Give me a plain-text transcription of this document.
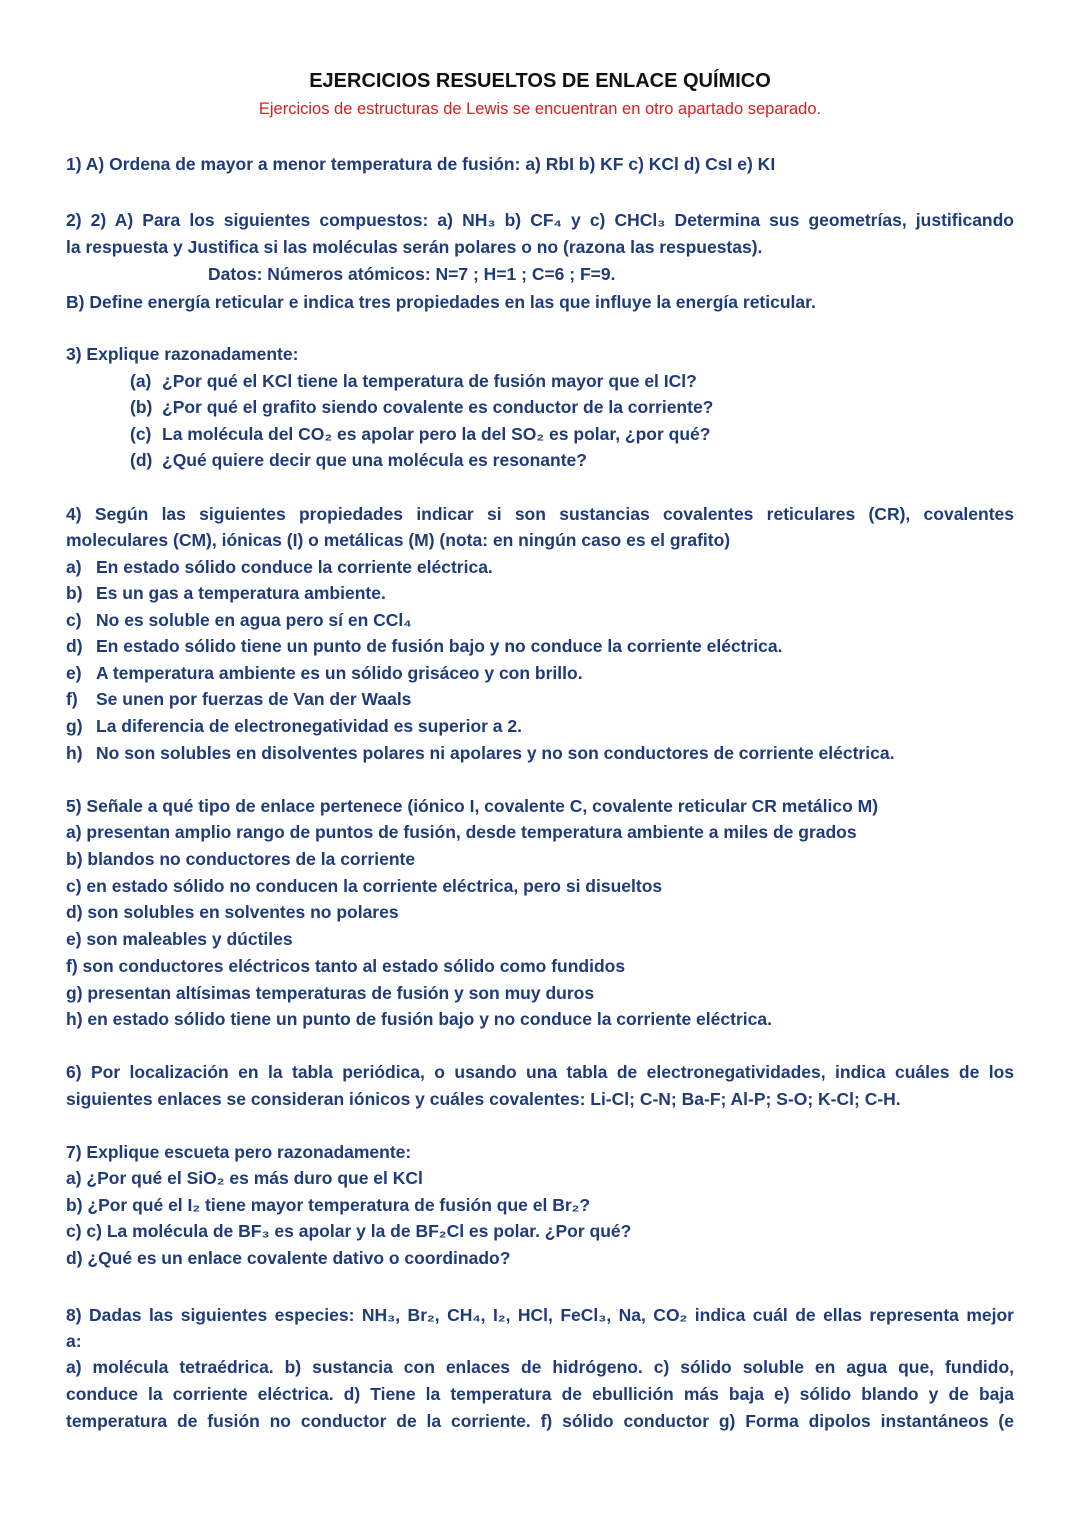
EJERCICIOS RESUELTOS DE ENLACE QUÍMICO
Ejercicios de estructuras de Lewis se encuentran en otro apartado separado.
1) A) Ordena de mayor a menor temperatura de fusión: a) RbI b) KF c) KCl d) CsI e) KI
2) 2) A) Para los siguientes compuestos: a) NH₃ b) CF₄ y c) CHCl₃ Determina sus geometrías, justificando
la respuesta y Justifica si las moléculas serán polares o no (razona las respuestas).
Datos: Números atómicos: N=7 ; H=1 ; C=6 ; F=9.
B) Define energía reticular e indica tres propiedades en las que influye la energía reticular.
3) Explique razonadamente:
(a) ¿Por qué el KCl tiene la temperatura de fusión mayor que el ICl?
(b) ¿Por qué el grafito siendo covalente es conductor de la corriente?
(c) La molécula del CO₂ es apolar pero la del SO₂ es polar, ¿por qué?
(d) ¿Qué quiere decir que una molécula es resonante?
4) Según las siguientes propiedades indicar si son sustancias covalentes reticulares (CR), covalentes
moleculares (CM), iónicas (I) o metálicas (M) (nota: en ningún caso es el grafito)
a) En estado sólido conduce la corriente eléctrica.
b) Es un gas a temperatura ambiente.
c) No es soluble en agua pero sí en CCl₄
d) En estado sólido tiene un punto de fusión bajo y no conduce la corriente eléctrica.
e) A temperatura ambiente es un sólido grisáceo y con brillo.
f) Se unen por fuerzas de Van der Waals
g) La diferencia de electronegatividad es superior a 2.
h) No son solubles en disolventes polares ni apolares y no son conductores de corriente eléctrica.
5) Señale a qué tipo de enlace pertenece (iónico I, covalente C, covalente reticular CR metálico M)
a) presentan amplio rango de puntos de fusión, desde temperatura ambiente a miles de grados
b) blandos no conductores de la corriente
c) en estado sólido no conducen la corriente eléctrica, pero si disueltos
d) son solubles en solventes no polares
e) son maleables y dúctiles
f) son conductores eléctricos tanto al estado sólido como fundidos
g) presentan altísimas temperaturas de fusión y son muy duros
h) en estado sólido tiene un punto de fusión bajo y no conduce la corriente eléctrica.
6) Por localización en la tabla periódica, o usando una tabla de electronegatividades, indica cuáles de los
siguientes enlaces se consideran iónicos y cuáles covalentes: Li-Cl; C-N; Ba-F; Al-P; S-O; K-Cl; C-H.
7) Explique escueta pero razonadamente:
a) ¿Por qué el SiO₂ es más duro que el KCl
b) ¿Por qué el I₂ tiene mayor temperatura de fusión que el Br₂?
c) c) La molécula de BF₃ es apolar y la de BF₂Cl es polar. ¿Por qué?
d) ¿Qué es un enlace covalente dativo o coordinado?
8) Dadas las siguientes especies: NH₃, Br₂, CH₄, I₂, HCl, FeCl₃, Na, CO₂ indica cuál de ellas representa mejor
a:
a) molécula tetraédrica. b) sustancia con enlaces de hidrógeno. c) sólido soluble en agua que, fundido,
conduce la corriente eléctrica. d) Tiene la temperatura de ebullición más baja e) sólido blando y de baja
temperatura de fusión no conductor de la corriente. f) sólido conductor g) Forma dipolos instantáneos (e
